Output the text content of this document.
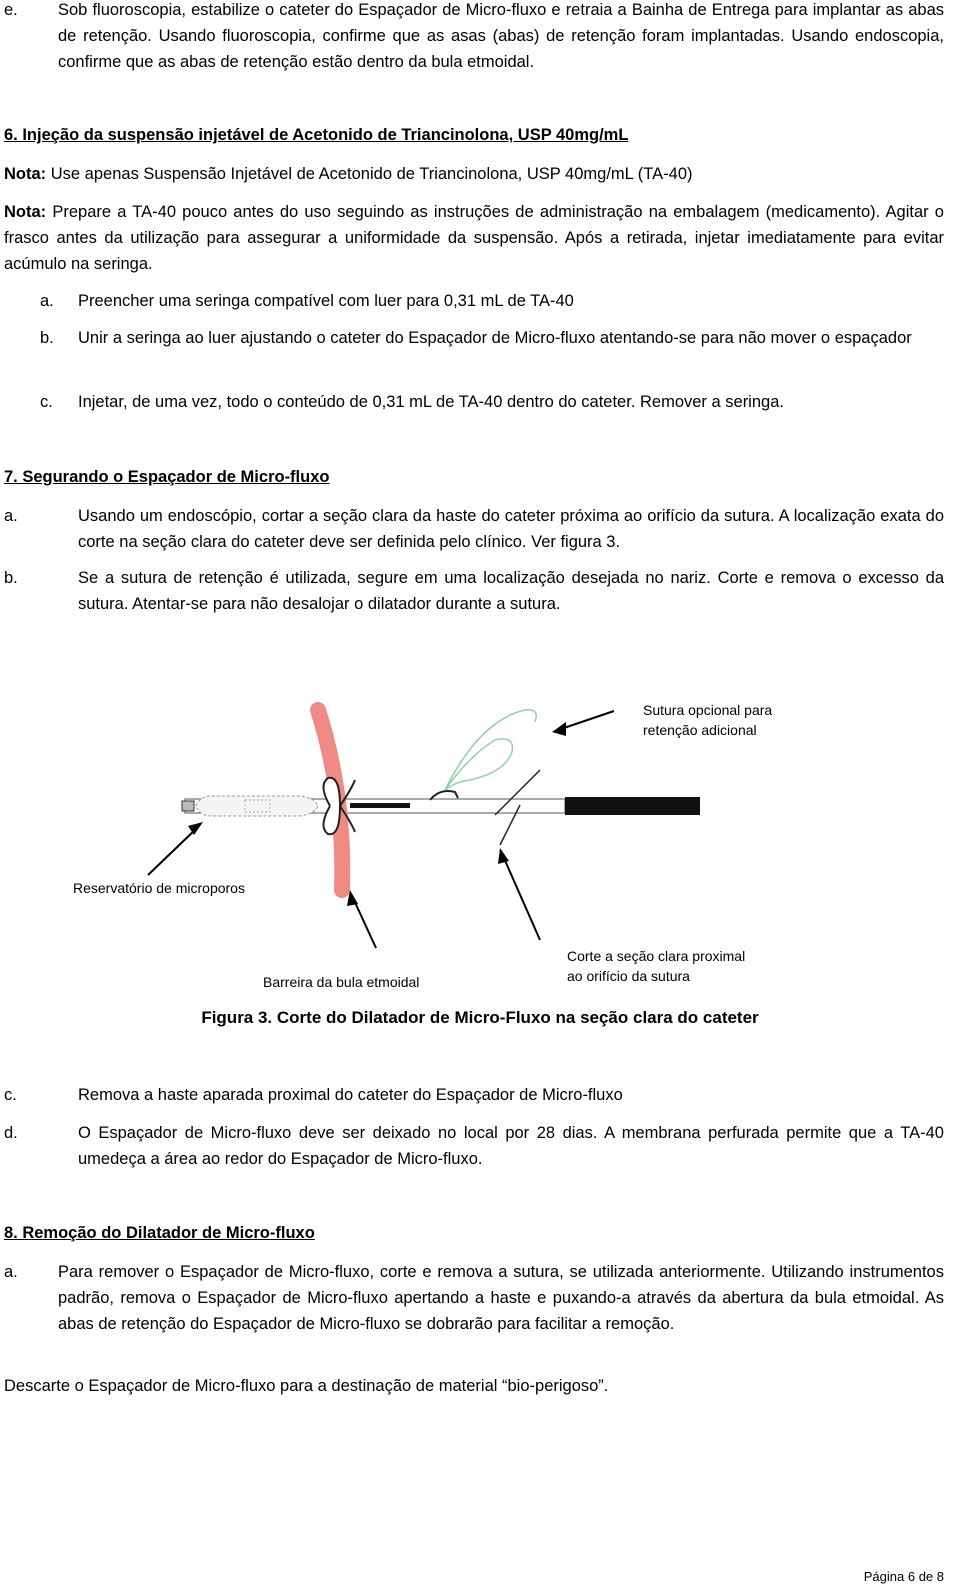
e. Sob fluoroscopia, estabilize o cateter do Espaçador de Micro-fluxo e retraia a Bainha de Entrega para implantar as abas de retenção. Usando fluoroscopia, confirme que as asas (abas) de retenção foram implantadas. Usando endoscopia, confirme que as abas de retenção estão dentro da bula etmoidal.
6. Injeção da suspensão injetável de Acetonido de Triancinolona, USP 40mg/mL
Nota: Use apenas Suspensão Injetável de Acetonido de Triancinolona, USP 40mg/mL (TA-40)
Nota: Prepare a TA-40 pouco antes do uso seguindo as instruções de administração na embalagem (medicamento). Agitar o frasco antes da utilização para assegurar a uniformidade da suspensão. Após a retirada, injetar imediatamente para evitar acúmulo na seringa.
a. Preencher uma seringa compatível com luer para 0,31 mL de TA-40
b. Unir a seringa ao luer ajustando o cateter do Espaçador de Micro-fluxo atentando-se para não mover o espaçador
c. Injetar, de uma vez, todo o conteúdo de 0,31 mL de TA-40 dentro do cateter. Remover a seringa.
7. Segurando o Espaçador de Micro-fluxo
a.	Usando um endoscópio, cortar a seção clara da haste do cateter próxima ao orifício da sutura. A localização exata do corte na seção clara do cateter deve ser definida pelo clínico. Ver figura 3.
b.	Se a sutura de retenção é utilizada, segure em uma localização desejada no nariz. Corte e remova o excesso da sutura. Atentar-se para não desalojar o dilatador durante a sutura.
Sutura opcional para
retenção adicional
Reservatório de microporos
Barreira da bula etmoidal
Corte a seção clara proximal
ao orifício da sutura
Figura 3. Corte do Dilatador de Micro-Fluxo na seção clara do cateter
c.	Remova a haste aparada proximal do cateter do Espaçador de Micro-fluxo
d.	O Espaçador de Micro-fluxo deve ser deixado no local por 28 dias. A membrana perfurada permite que a TA-40 umedeça a área ao redor do Espaçador de Micro-fluxo.
8. Remoção do Dilatador de Micro-fluxo
a. Para remover o Espaçador de Micro-fluxo, corte e remova a sutura, se utilizada anteriormente. Utilizando instrumentos padrão, remova o Espaçador de Micro-fluxo apertando a haste e puxando-a através da abertura da bula etmoidal. As abas de retenção do Espaçador de Micro-fluxo se dobrarão para facilitar a remoção.
Descarte o Espaçador de Micro-fluxo para a destinação de material “bio-perigoso”.
Página 6 de 8
